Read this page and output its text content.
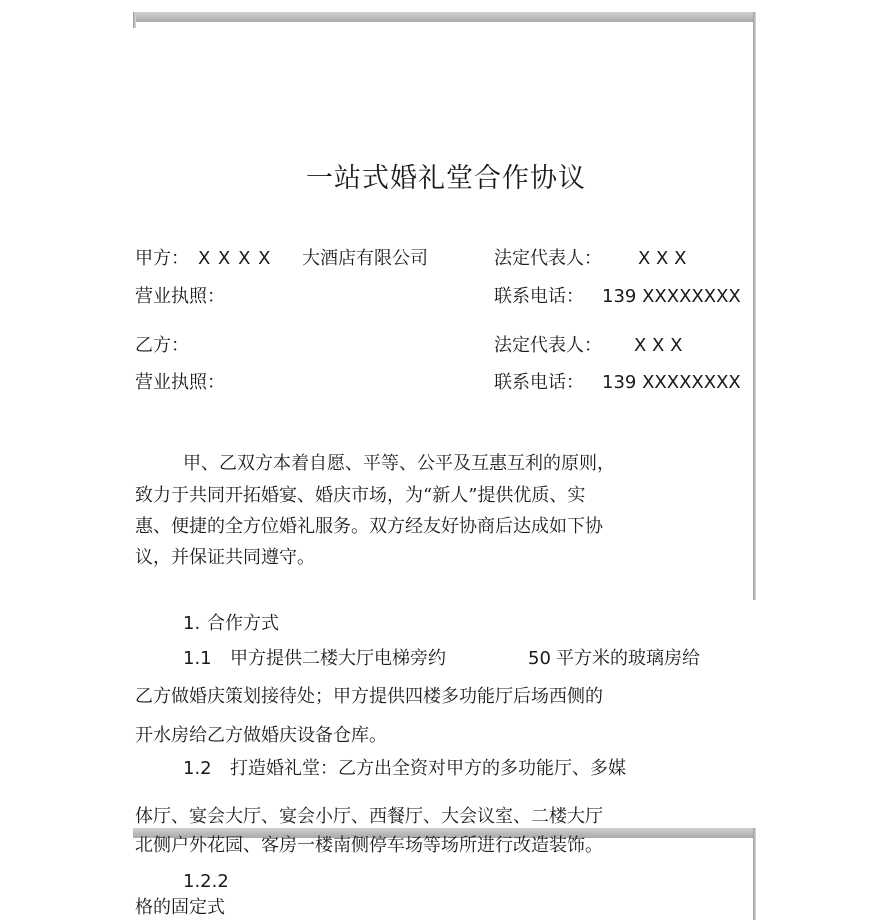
一站式婚礼堂合作协议
甲方： X X X X 大酒店有限公司	法定代表人： X X X
营业执照：	联系电话： 139 XXXXXXXX
乙方：	法定代表人： X X X
营业执照：	联系电话： 139 XXXXXXXX
甲、乙双方本着自愿、平等、公平及互惠互利的原则，
致力于共同开拓婚宴、婚庆市场，为“新人”提供优质、实
惠、便捷的全方位婚礼服务。双方经友好协商后达成如下协
议，并保证共同遵守。
1. 合作方式
1.1 甲方提供二楼大厅电梯旁约	50 平方米的玻璃房给
乙方做婚庆策划接待处；甲方提供四楼多功能厅后场西侧的
开水房给乙方做婚庆设备仓库。
1.2 打造婚礼堂：乙方出全资对甲方的多功能厅、多媒
体厅、宴会大厅、宴会小厅、西餐厅、大会议室、二楼大厅
北侧户外花园、客房一楼南侧停车场等场所进行改造装饰。
1.2.2
格的固定式
